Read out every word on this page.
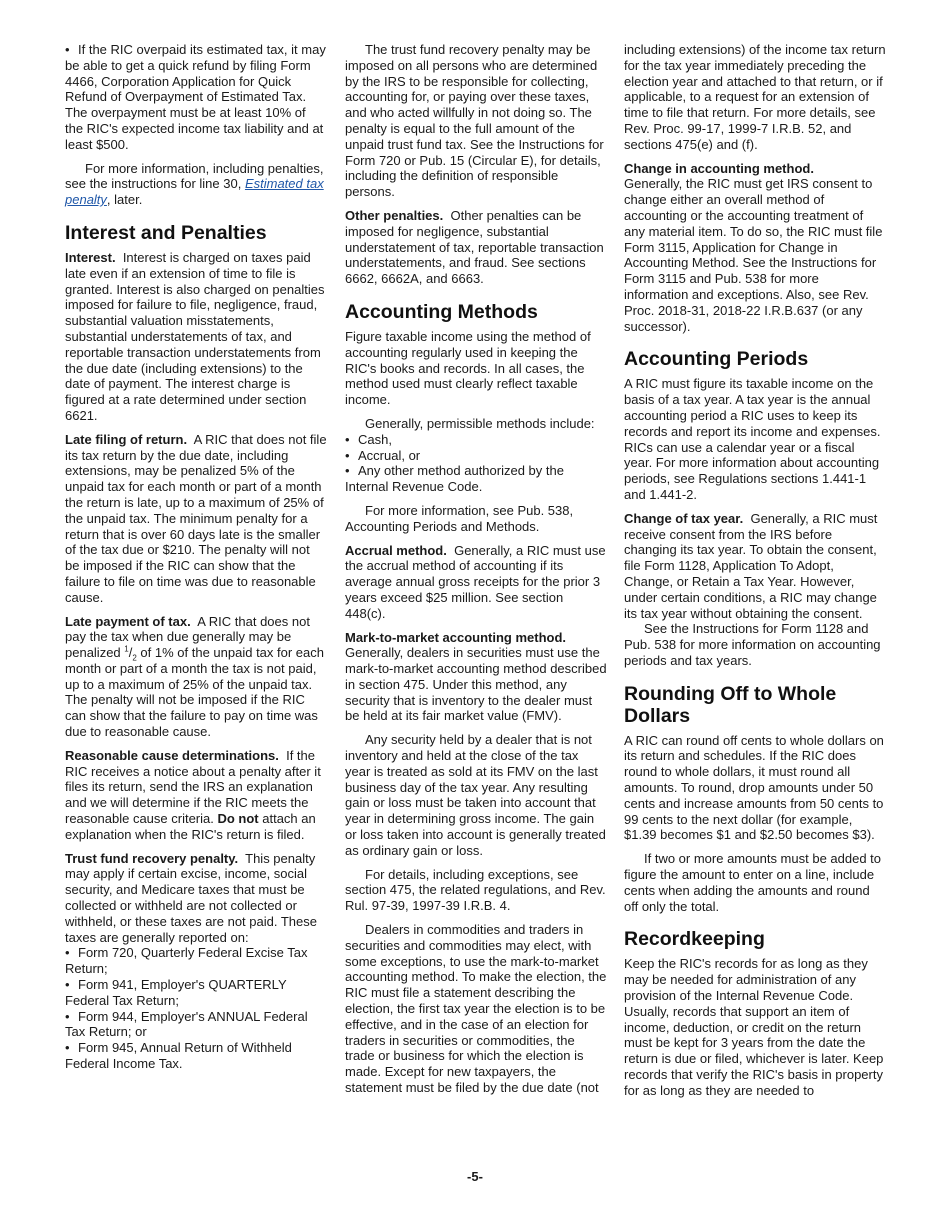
• If the RIC overpaid its estimated tax, it may be able to get a quick refund by filing Form 4466, Corporation Application for Quick Refund of Overpayment of Estimated Tax. The overpayment must be at least 10% of the RIC's expected income tax liability and at least $500.

For more information, including penalties, see the instructions for line 30, Estimated tax penalty, later.

Interest and Penalties

Interest. Interest is charged on taxes paid late even if an extension of time to file is granted. Interest is also charged on penalties imposed for failure to file, negligence, fraud, substantial valuation misstatements, substantial understatements of tax, and reportable transaction understatements from the due date (including extensions) to the date of payment. The interest charge is figured at a rate determined under section 6621.

Late filing of return. A RIC that does not file its tax return by the due date, including extensions, may be penalized 5% of the unpaid tax for each month or part of a month the return is late, up to a maximum of 25% of the unpaid tax. The minimum penalty for a return that is over 60 days late is the smaller of the tax due or $210. The penalty will not be imposed if the RIC can show that the failure to file on time was due to reasonable cause.

Late payment of tax. A RIC that does not pay the tax when due generally may be penalized $^1/_2$ of 1% of the unpaid tax for each month or part of a month the tax is not paid, up to a maximum of 25% of the unpaid tax. The penalty will not be imposed if the RIC can show that the failure to pay on time was due to reasonable cause.

Reasonable cause determinations. If the RIC receives a notice about a penalty after it files its return, send the IRS an explanation and we will determine if the RIC meets the reasonable cause criteria. Do not attach an explanation when the RIC's return is filed.

Trust fund recovery penalty. This penalty may apply if certain excise, income, social security, and Medicare taxes that must be collected or withheld are not collected or withheld, or these taxes are not paid. These taxes are generally reported on:

• Form 720, Quarterly Federal Excise Tax Return;
• Form 941, Employer's QUARTERLY Federal Tax Return;
• Form 944, Employer's ANNUAL Federal Tax Return; or
• Form 945, Annual Return of Withheld Federal Income Tax.

The trust fund recovery penalty may be imposed on all persons who are determined by the IRS to be responsible for collecting, accounting for, or paying over these taxes, and who acted willfully in not doing so. The penalty is equal to the full amount of the unpaid trust fund tax. See the Instructions for Form 720 or Pub. 15 (Circular E), for details, including the definition of responsible persons.

Other penalties. Other penalties can be imposed for negligence, substantial understatement of tax, reportable transaction understatements, and fraud. See sections 6662, 6662A, and 6663.

Accounting Methods

Figure taxable income using the method of accounting regularly used in keeping the RIC's books and records. In all cases, the method used must clearly reflect taxable income.

Generally, permissible methods include:

• Cash,
• Accrual, or
• Any other method authorized by the Internal Revenue Code.

For more information, see Pub. 538, Accounting Periods and Methods.

Accrual method. Generally, a RIC must use the accrual method of accounting if its average annual gross receipts for the prior 3 years exceed $25 million. See section 448(c).

Mark-to-market accounting method.

Generally, dealers in securities must use the mark-to-market accounting method described in section 475. Under this method, any security that is inventory to the dealer must be held at its fair market value (FMV).

Any security held by a dealer that is not inventory and held at the close of the tax year is treated as sold at its FMV on the last business day of the tax year. Any resulting gain or loss must be taken into account that year in determining gross income. The gain or loss taken into account is generally treated as ordinary gain or loss.

For details, including exceptions, see section 475, the related regulations, and Rev. Rul. 97-39, 1997-39 I.R.B. 4.

Dealers in commodities and traders in securities and commodities may elect, with some exceptions, to use the mark-to-market accounting method. To make the election, the RIC must file a statement describing the election, the first tax year the election is to be effective, and in the case of an election for traders in securities or commodities, the trade or business for which the election is made. Except for new taxpayers, the statement must be filed by the due date (not

including extensions) of the income tax return for the tax year immediately preceding the election year and attached to that return, or if applicable, to a request for an extension of time to file that return. For more details, see Rev. Proc. 99-17, 1999-7 I.R.B. 52, and sections 475(e) and (f).

Change in accounting method.

Generally, the RIC must get IRS consent to change either an overall method of accounting or the accounting treatment of any material item. To do so, the RIC must file Form 3115, Application for Change in Accounting Method. See the Instructions for Form 3115 and Pub. 538 for more information and exceptions. Also, see Rev. Proc. 2018-31, 2018-22 I.R.B.637 (or any successor).

Accounting Periods

A RIC must figure its taxable income on the basis of a tax year. A tax year is the annual accounting period a RIC uses to keep its records and report its income and expenses. RICs can use a calendar year or a fiscal year. For more information about accounting periods, see Regulations sections 1.441-1 and 1.441-2.

Change of tax year. Generally, a RIC must receive consent from the IRS before changing its tax year. To obtain the consent, file Form 1128, Application To Adopt, Change, or Retain a Tax Year. However, under certain conditions, a RIC may change its tax year without obtaining the consent.

See the Instructions for Form 1128 and Pub. 538 for more information on accounting periods and tax years.

Rounding Off to Whole Dollars

A RIC can round off cents to whole dollars on its return and schedules. If the RIC does round to whole dollars, it must round all amounts. To round, drop amounts under 50 cents and increase amounts from 50 cents to 99 cents to the next dollar (for example, $1.39 becomes $1 and $2.50 becomes $3).

If two or more amounts must be added to figure the amount to enter on a line, include cents when adding the amounts and round off only the total.

Recordkeeping

Keep the RIC's records for as long as they may be needed for administration of any provision of the Internal Revenue Code. Usually, records that support an item of income, deduction, or credit on the return must be kept for 3 years from the date the return is due or filed, whichever is later. Keep records that verify the RIC's basis in property for as long as they are needed to

-5-
